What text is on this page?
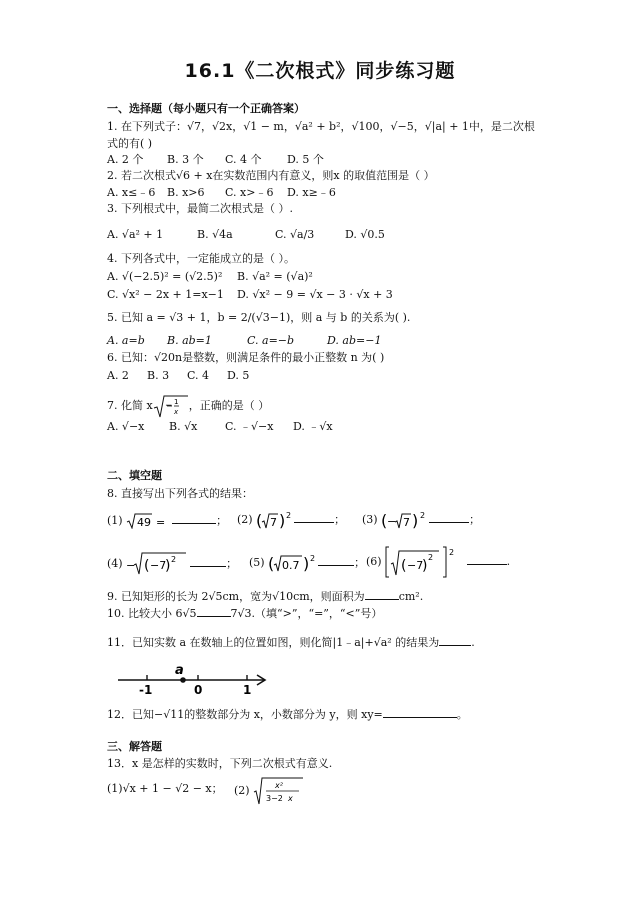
16.1《二次根式》同步练习题
一、选择题（每小题只有一个正确答案）
1. 在下列式子：√7，√2x，√1 − m，√a² + b²，√100，√−5，√|a| + 1中，是二次根
式的有( )
A. 2 个 B. 3 个 C. 4 个 D. 5 个
2. 若二次根式√6 + x在实数范围内有意义，则x 的取值范围是（ ）
A. x≤﹣6 B. x>6 C. x>﹣6 D. x≥﹣6
3. 下列根式中，最简二次根式是（ ）.
A. √a² + 1	B. √4a	C. √a/3	D. √0.5
4. 下列各式中，一定能成立的是（ ）。
A. √(−2.5)² = (√2.5)² B. √a² = (√a)²
C. √x² − 2x + 1=x−1 D. √x² − 9 = √x − 3 · √x + 3
5. 已知 a = √3 + 1，b = 2/(√3−1)，则 a 与 b 的关系为( ).
A. a=b B. ab=1	C. a=−b	D. ab=−1
6. 已知：√20n是整数，则满足条件的最小正整数 n 为( )
A. 2 B. 3 C. 4 D. 5
7. 化简 x − 1
x ，正确的是（ ）
A. √−x B. √x	C. ﹣√−x D. ﹣√x
二、填空题
8. 直接写出下列各式的结果：
(1) 49 =	； (2) ( 7 ) 2	； (3) ( − 7 ) 2	；
(4) − ( −7
) 2	； (5) ( 0.7 ) 2	； (6) ( −7
)
2
2
.
9. 已知矩形的长为 2√5cm，宽为√10cm，则面积为	cm².
10. 比较大小 6√5	7√3.（填“>”，“=”，“<”号）
11．已知实数 a 在数轴上的位置如图，则化简|1﹣a|+√a² 的结果为	.
a
-1	0	1
12．已知−√11的整数部分为 x，小数部分为 y，则 xy=	。
三、解答题
13．x 是怎样的实数时，下列二次根式有意义.
(1)√x + 1 − √2 − x； (2)	x²
3−2 x
